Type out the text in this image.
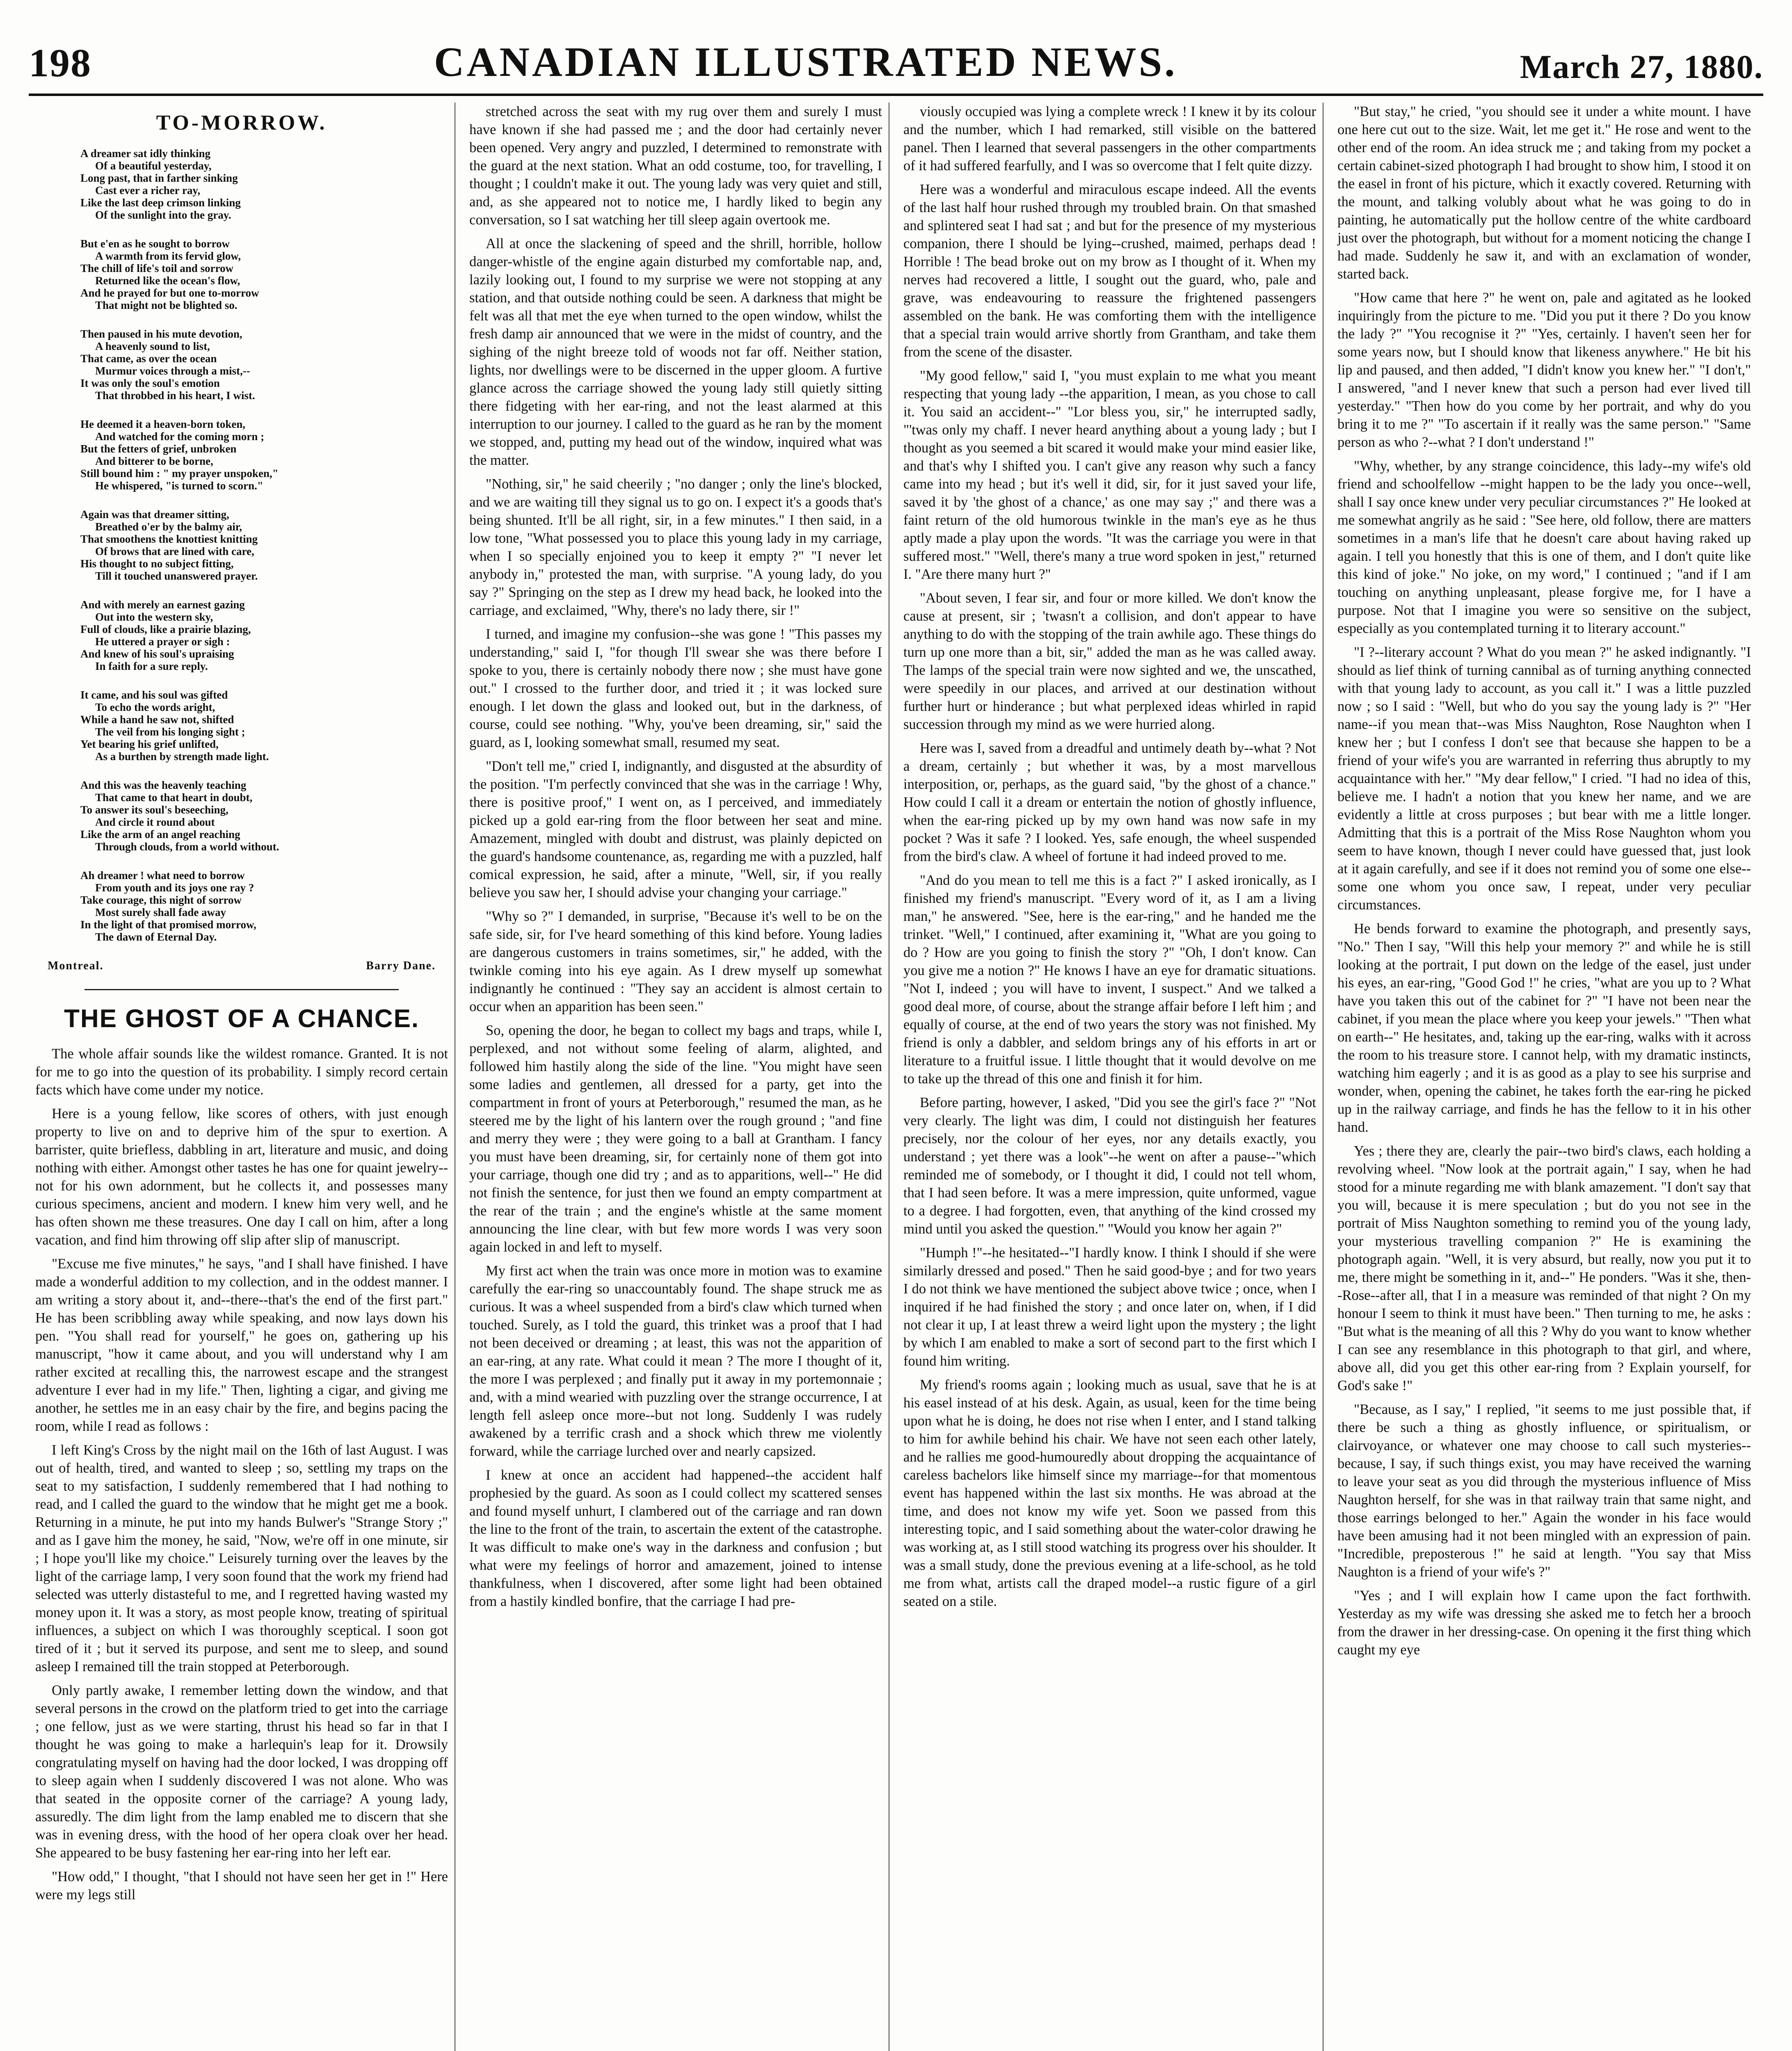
198	CANADIAN ILLUSTRATED NEWS.	March 27, 1880.
TO-MORROW.
A dreamer sat idly thinking
Of a beautiful yesterday,
Long past, that in farther sinking
Cast ever a richer ray,
Like the last deep crimson linking
Of the sunlight into the gray.
But e'en as he sought to borrow
A warmth from its fervid glow,
The chill of life's toil and sorrow
Returned like the ocean's flow,
And he prayed for but one to-morrow
That might not be blighted so.
Then paused in his mute devotion,
A heavenly sound to list,
That came, as over the ocean
Murmur voices through a mist,--
It was only the soul's emotion
That throbbed in his heart, I wist.
He deemed it a heaven-born token,
And watched for the coming morn ;
But the fetters of grief, unbroken
And bitterer to be borne,
Still bound him : " my prayer unspoken,"
He whispered, "is turned to scorn."
Again was that dreamer sitting,
Breathed o'er by the balmy air,
That smoothens the knottiest knitting
Of brows that are lined with care,
His thought to no subject fitting,
Till it touched unanswered prayer.
And with merely an earnest gazing
Out into the western sky,
Full of clouds, like a prairie blazing,
He uttered a prayer or sigh :
And knew of his soul's upraising
In faith for a sure reply.
It came, and his soul was gifted
To echo the words aright,
While a hand he saw not, shifted
The veil from his longing sight ;
Yet bearing his grief unlifted,
As a burthen by strength made light.
And this was the heavenly teaching
That came to that heart in doubt,
To answer its soul's beseeching,
And circle it round about
Like the arm of an angel reaching
Through clouds, from a world without.
Ah dreamer ! what need to borrow
From youth and its joys one ray ?
Take courage, this night of sorrow
Most surely shall fade away
In the light of that promised morrow,
The dawn of Eternal Day.
Montreal.	Barry Dane.
THE GHOST OF A CHANCE.

The whole affair sounds like the wildest romance. Granted. It is not for me to go into the question of its probability. I simply record certain facts which have come under my notice.

Here is a young fellow, like scores of others, with just enough property to live on and to deprive him of the spur to exertion. A barrister, quite briefless, dabbling in art, literature and music, and doing nothing with either. Amongst other tastes he has one for quaint jewelry--not for his own adornment, but he collects it, and possesses many curious specimens, ancient and modern. I knew him very well, and he has often shown me these treasures. One day I call on him, after a long vacation, and find him throwing off slip after slip of manuscript.

"Excuse me five minutes," he says, "and I shall have finished. I have made a wonderful addition to my collection, and in the oddest manner. I am writing a story about it, and--there--that's the end of the first part." He has been scribbling away while speaking, and now lays down his pen. "You shall read for yourself," he goes on, gathering up his manuscript, "how it came about, and you will understand why I am rather excited at recalling this, the narrowest escape and the strangest adventure I ever had in my life." Then, lighting a cigar, and giving me another, he settles me in an easy chair by the fire, and begins pacing the room, while I read as follows :

I left King's Cross by the night mail on the 16th of last August. I was out of health, tired, and wanted to sleep ; so, settling my traps on the seat to my satisfaction, I suddenly remembered that I had nothing to read, and I called the guard to the window that he might get me a book. Returning in a minute, he put into my hands Bulwer's "Strange Story ;" and as I gave him the money, he said, "Now, we're off in one minute, sir ; I hope you'll like my choice." Leisurely turning over the leaves by the light of the carriage lamp, I very soon found that the work my friend had selected was utterly distasteful to me, and I regretted having wasted my money upon it. It was a story, as most people know, treating of spiritual influences, a subject on which I was thoroughly sceptical. I soon got tired of it ; but it served its purpose, and sent me to sleep, and sound asleep I remained till the train stopped at Peterborough.

Only partly awake, I remember letting down the window, and that several persons in the crowd on the platform tried to get into the carriage ; one fellow, just as we were starting, thrust his head so far in that I thought he was going to make a harlequin's leap for it. Drowsily congratulating myself on having had the door locked, I was dropping off to sleep again when I suddenly discovered I was not alone. Who was that seated in the opposite corner of the carriage? A young lady, assuredly. The dim light from the lamp enabled me to discern that she was in evening dress, with the hood of her opera cloak over her head. She appeared to be busy fastening her ear-ring into her left ear.

"How odd," I thought, "that I should not have seen her get in !" Here were my legs still

stretched across the seat with my rug over them and surely I must have known if she had passed me ; and the door had certainly never been opened. Very angry and puzzled, I determined to remonstrate with the guard at the next station. What an odd costume, too, for travelling, I thought ; I couldn't make it out. The young lady was very quiet and still, and, as she appeared not to notice me, I hardly liked to begin any conversation, so I sat watching her till sleep again overtook me.

All at once the slackening of speed and the shrill, horrible, hollow danger-whistle of the engine again disturbed my comfortable nap, and, lazily looking out, I found to my surprise we were not stopping at any station, and that outside nothing could be seen. A darkness that might be felt was all that met the eye when turned to the open window, whilst the fresh damp air announced that we were in the midst of country, and the sighing of the night breeze told of woods not far off. Neither station, lights, nor dwellings were to be discerned in the upper gloom. A furtive glance across the carriage showed the young lady still quietly sitting there fidgeting with her ear-ring, and not the least alarmed at this interruption to our journey. I called to the guard as he ran by the moment we stopped, and, putting my head out of the window, inquired what was the matter.

"Nothing, sir," he said cheerily ; "no danger ; only the line's blocked, and we are waiting till they signal us to go on. I expect it's a goods that's being shunted. It'll be all right, sir, in a few minutes." I then said, in a low tone, "What possessed you to place this young lady in my carriage, when I so specially enjoined you to keep it empty ?" "I never let anybody in," protested the man, with surprise. "A young lady, do you say ?" Springing on the step as I drew my head back, he looked into the carriage, and exclaimed, "Why, there's no lady there, sir !"

I turned, and imagine my confusion--she was gone ! "This passes my understanding," said I, "for though I'll swear she was there before I spoke to you, there is certainly nobody there now ; she must have gone out." I crossed to the further door, and tried it ; it was locked sure enough. I let down the glass and looked out, but in the darkness, of course, could see nothing. "Why, you've been dreaming, sir," said the guard, as I, looking somewhat small, resumed my seat.

"Don't tell me," cried I, indignantly, and disgusted at the absurdity of the position. "I'm perfectly convinced that she was in the carriage ! Why, there is positive proof," I went on, as I perceived, and immediately picked up a gold ear-ring from the floor between her seat and mine. Amazement, mingled with doubt and distrust, was plainly depicted on the guard's handsome countenance, as, regarding me with a puzzled, half comical expression, he said, after a minute, "Well, sir, if you really believe you saw her, I should advise your changing your carriage."

"Why so ?" I demanded, in surprise, "Because it's well to be on the safe side, sir, for I've heard something of this kind before. Young ladies are dangerous customers in trains sometimes, sir," he added, with the twinkle coming into his eye again. As I drew myself up somewhat indignantly he continued : "They say an accident is almost certain to occur when an apparition has been seen."

So, opening the door, he began to collect my bags and traps, while I, perplexed, and not without some feeling of alarm, alighted, and followed him hastily along the side of the line. "You might have seen some ladies and gentlemen, all dressed for a party, get into the compartment in front of yours at Peterborough," resumed the man, as he steered me by the light of his lantern over the rough ground ; "and fine and merry they were ; they were going to a ball at Grantham. I fancy you must have been dreaming, sir, for certainly none of them got into your carriage, though one did try ; and as to apparitions, well--" He did not finish the sentence, for just then we found an empty compartment at the rear of the train ; and the engine's whistle at the same moment announcing the line clear, with but few more words I was very soon again locked in and left to myself.

My first act when the train was once more in motion was to examine carefully the ear-ring so unaccountably found. The shape struck me as curious. It was a wheel suspended from a bird's claw which turned when touched. Surely, as I told the guard, this trinket was a proof that I had not been deceived or dreaming ; at least, this was not the apparition of an ear-ring, at any rate. What could it mean ? The more I thought of it, the more I was perplexed ; and finally put it away in my portemonnaie ; and, with a mind wearied with puzzling over the strange occurrence, I at length fell asleep once more--but not long. Suddenly I was rudely awakened by a terrific crash and a shock which threw me violently forward, while the carriage lurched over and nearly capsized.

I knew at once an accident had happened--the accident half prophesied by the guard. As soon as I could collect my scattered senses and found myself unhurt, I clambered out of the carriage and ran down the line to the front of the train, to ascertain the extent of the catastrophe. It was difficult to make one's way in the darkness and confusion ; but what were my feelings of horror and amazement, joined to intense thankfulness, when I discovered, after some light had been obtained from a hastily kindled bonfire, that the carriage I had pre-

viously occupied was lying a complete wreck ! I knew it by its colour and the number, which I had remarked, still visible on the battered panel. Then I learned that several passengers in the other compartments of it had suffered fearfully, and I was so overcome that I felt quite dizzy.

Here was a wonderful and miraculous escape indeed. All the events of the last half hour rushed through my troubled brain. On that smashed and splintered seat I had sat ; and but for the presence of my mysterious companion, there I should be lying--crushed, maimed, perhaps dead ! Horrible ! The bead broke out on my brow as I thought of it. When my nerves had recovered a little, I sought out the guard, who, pale and grave, was endeavouring to reassure the frightened passengers assembled on the bank. He was comforting them with the intelligence that a special train would arrive shortly from Grantham, and take them from the scene of the disaster.

"My good fellow," said I, "you must explain to me what you meant respecting that young lady --the apparition, I mean, as you chose to call it. You said an accident--" "Lor bless you, sir," he interrupted sadly, "'twas only my chaff. I never heard anything about a young lady ; but I thought as you seemed a bit scared it would make your mind easier like, and that's why I shifted you. I can't give any reason why such a fancy came into my head ; but it's well it did, sir, for it just saved your life, saved it by 'the ghost of a chance,' as one may say ;" and there was a faint return of the old humorous twinkle in the man's eye as he thus aptly made a play upon the words. "It was the carriage you were in that suffered most." "Well, there's many a true word spoken in jest," returned I. "Are there many hurt ?"

"About seven, I fear sir, and four or more killed. We don't know the cause at present, sir ; 'twasn't a collision, and don't appear to have anything to do with the stopping of the train awhile ago. These things do turn up one more than a bit, sir," added the man as he was called away. The lamps of the special train were now sighted and we, the unscathed, were speedily in our places, and arrived at our destination without further hurt or hinderance ; but what perplexed ideas whirled in rapid succession through my mind as we were hurried along.

Here was I, saved from a dreadful and untimely death by--what ? Not a dream, certainly ; but whether it was, by a most marvellous interposition, or, perhaps, as the guard said, "by the ghost of a chance." How could I call it a dream or entertain the notion of ghostly influence, when the ear-ring picked up by my own hand was now safe in my pocket ? Was it safe ? I looked. Yes, safe enough, the wheel suspended from the bird's claw. A wheel of fortune it had indeed proved to me.

"And do you mean to tell me this is a fact ?" I asked ironically, as I finished my friend's manuscript. "Every word of it, as I am a living man," he answered. "See, here is the ear-ring," and he handed me the trinket. "Well," I continued, after examining it, "What are you going to do ? How are you going to finish the story ?" "Oh, I don't know. Can you give me a notion ?" He knows I have an eye for dramatic situations. "Not I, indeed ; you will have to invent, I suspect." And we talked a good deal more, of course, about the strange affair before I left him ; and equally of course, at the end of two years the story was not finished. My friend is only a dabbler, and seldom brings any of his efforts in art or literature to a fruitful issue. I little thought that it would devolve on me to take up the thread of this one and finish it for him.

Before parting, however, I asked, "Did you see the girl's face ?" "Not very clearly. The light was dim, I could not distinguish her features precisely, nor the colour of her eyes, nor any details exactly, you understand ; yet there was a look"--he went on after a pause--"which reminded me of somebody, or I thought it did, I could not tell whom, that I had seen before. It was a mere impression, quite unformed, vague to a degree. I had forgotten, even, that anything of the kind crossed my mind until you asked the question." "Would you know her again ?"

"Humph !"--he hesitated--"I hardly know. I think I should if she were similarly dressed and posed." Then he said good-bye ; and for two years I do not think we have mentioned the subject above twice ; once, when I inquired if he had finished the story ; and once later on, when, if I did not clear it up, I at least threw a weird light upon the mystery ; the light by which I am enabled to make a sort of second part to the first which I found him writing.

My friend's rooms again ; looking much as usual, save that he is at his easel instead of at his desk. Again, as usual, keen for the time being upon what he is doing, he does not rise when I enter, and I stand talking to him for awhile behind his chair. We have not seen each other lately, and he rallies me good-humouredly about dropping the acquaintance of careless bachelors like himself since my marriage--for that momentous event has happened within the last six months. He was abroad at the time, and does not know my wife yet. Soon we passed from this interesting topic, and I said something about the water-color drawing he was working at, as I still stood watching its progress over his shoulder. It was a small study, done the previous evening at a life-school, as he told me from what, artists call the draped model--a rustic figure of a girl seated on a stile.

"But stay," he cried, "you should see it under a white mount. I have one here cut out to the size. Wait, let me get it." He rose and went to the other end of the room. An idea struck me ; and taking from my pocket a certain cabinet-sized photograph I had brought to show him, I stood it on the easel in front of his picture, which it exactly covered. Returning with the mount, and talking volubly about what he was going to do in painting, he automatically put the hollow centre of the white cardboard just over the photograph, but without for a moment noticing the change I had made. Suddenly he saw it, and with an exclamation of wonder, started back.

"How came that here ?" he went on, pale and agitated as he looked inquiringly from the picture to me. "Did you put it there ? Do you know the lady ?" "You recognise it ?" "Yes, certainly. I haven't seen her for some years now, but I should know that likeness anywhere." He bit his lip and paused, and then added, "I didn't know you knew her." "I don't," I answered, "and I never knew that such a person had ever lived till yesterday." "Then how do you come by her portrait, and why do you bring it to me ?" "To ascertain if it really was the same person." "Same person as who ?--what ? I don't understand !"

"Why, whether, by any strange coincidence, this lady--my wife's old friend and schoolfellow --might happen to be the lady you once--well, shall I say once knew under very peculiar circumstances ?" He looked at me somewhat angrily as he said : "See here, old follow, there are matters sometimes in a man's life that he doesn't care about having raked up again. I tell you honestly that this is one of them, and I don't quite like this kind of joke." No joke, on my word," I continued ; "and if I am touching on anything unpleasant, please forgive me, for I have a purpose. Not that I imagine you were so sensitive on the subject, especially as you contemplated turning it to literary account."

"I ?--literary account ? What do you mean ?" he asked indignantly. "I should as lief think of turning cannibal as of turning anything connected with that young lady to account, as you call it." I was a little puzzled now ; so I said : "Well, but who do you say the young lady is ?" "Her name--if you mean that--was Miss Naughton, Rose Naughton when I knew her ; but I confess I don't see that because she happen to be a friend of your wife's you are warranted in referring thus abruptly to my acquaintance with her." "My dear fellow," I cried. "I had no idea of this, believe me. I hadn't a notion that you knew her name, and we are evidently a little at cross purposes ; but bear with me a little longer. Admitting that this is a portrait of the Miss Rose Naughton whom you seem to have known, though I never could have guessed that, just look at it again carefully, and see if it does not remind you of some one else--some one whom you once saw, I repeat, under very peculiar circumstances.

He bends forward to examine the photograph, and presently says, "No." Then I say, "Will this help your memory ?" and while he is still looking at the portrait, I put down on the ledge of the easel, just under his eyes, an ear-ring, "Good God !" he cries, "what are you up to ? What have you taken this out of the cabinet for ?" "I have not been near the cabinet, if you mean the place where you keep your jewels." "Then what on earth--" He hesitates, and, taking up the ear-ring, walks with it across the room to his treasure store. I cannot help, with my dramatic instincts, watching him eagerly ; and it is as good as a play to see his surprise and wonder, when, opening the cabinet, he takes forth the ear-ring he picked up in the railway carriage, and finds he has the fellow to it in his other hand.

Yes ; there they are, clearly the pair--two bird's claws, each holding a revolving wheel. "Now look at the portrait again," I say, when he had stood for a minute regarding me with blank amazement. "I don't say that you will, because it is mere speculation ; but do you not see in the portrait of Miss Naughton something to remind you of the young lady, your mysterious travelling companion ?" He is examining the photograph again. "Well, it is very absurd, but really, now you put it to me, there might be something in it, and--" He ponders. "Was it she, then--Rose--after all, that I in a measure was reminded of that night ? On my honour I seem to think it must have been." Then turning to me, he asks : "But what is the meaning of all this ? Why do you want to know whether I can see any resemblance in this photograph to that girl, and where, above all, did you get this other ear-ring from ? Explain yourself, for God's sake !"

"Because, as I say," I replied, "it seems to me just possible that, if there be such a thing as ghostly influence, or spiritualism, or clairvoyance, or whatever one may choose to call such mysteries--because, I say, if such things exist, you may have received the warning to leave your seat as you did through the mysterious influence of Miss Naughton herself, for she was in that railway train that same night, and those earrings belonged to her." Again the wonder in his face would have been amusing had it not been mingled with an expression of pain. "Incredible, preposterous !" he said at length. "You say that Miss Naughton is a friend of your wife's ?"

"Yes ; and I will explain how I came upon the fact forthwith. Yesterday as my wife was dressing she asked me to fetch her a brooch from the drawer in her dressing-case. On opening it the first thing which caught my eye
